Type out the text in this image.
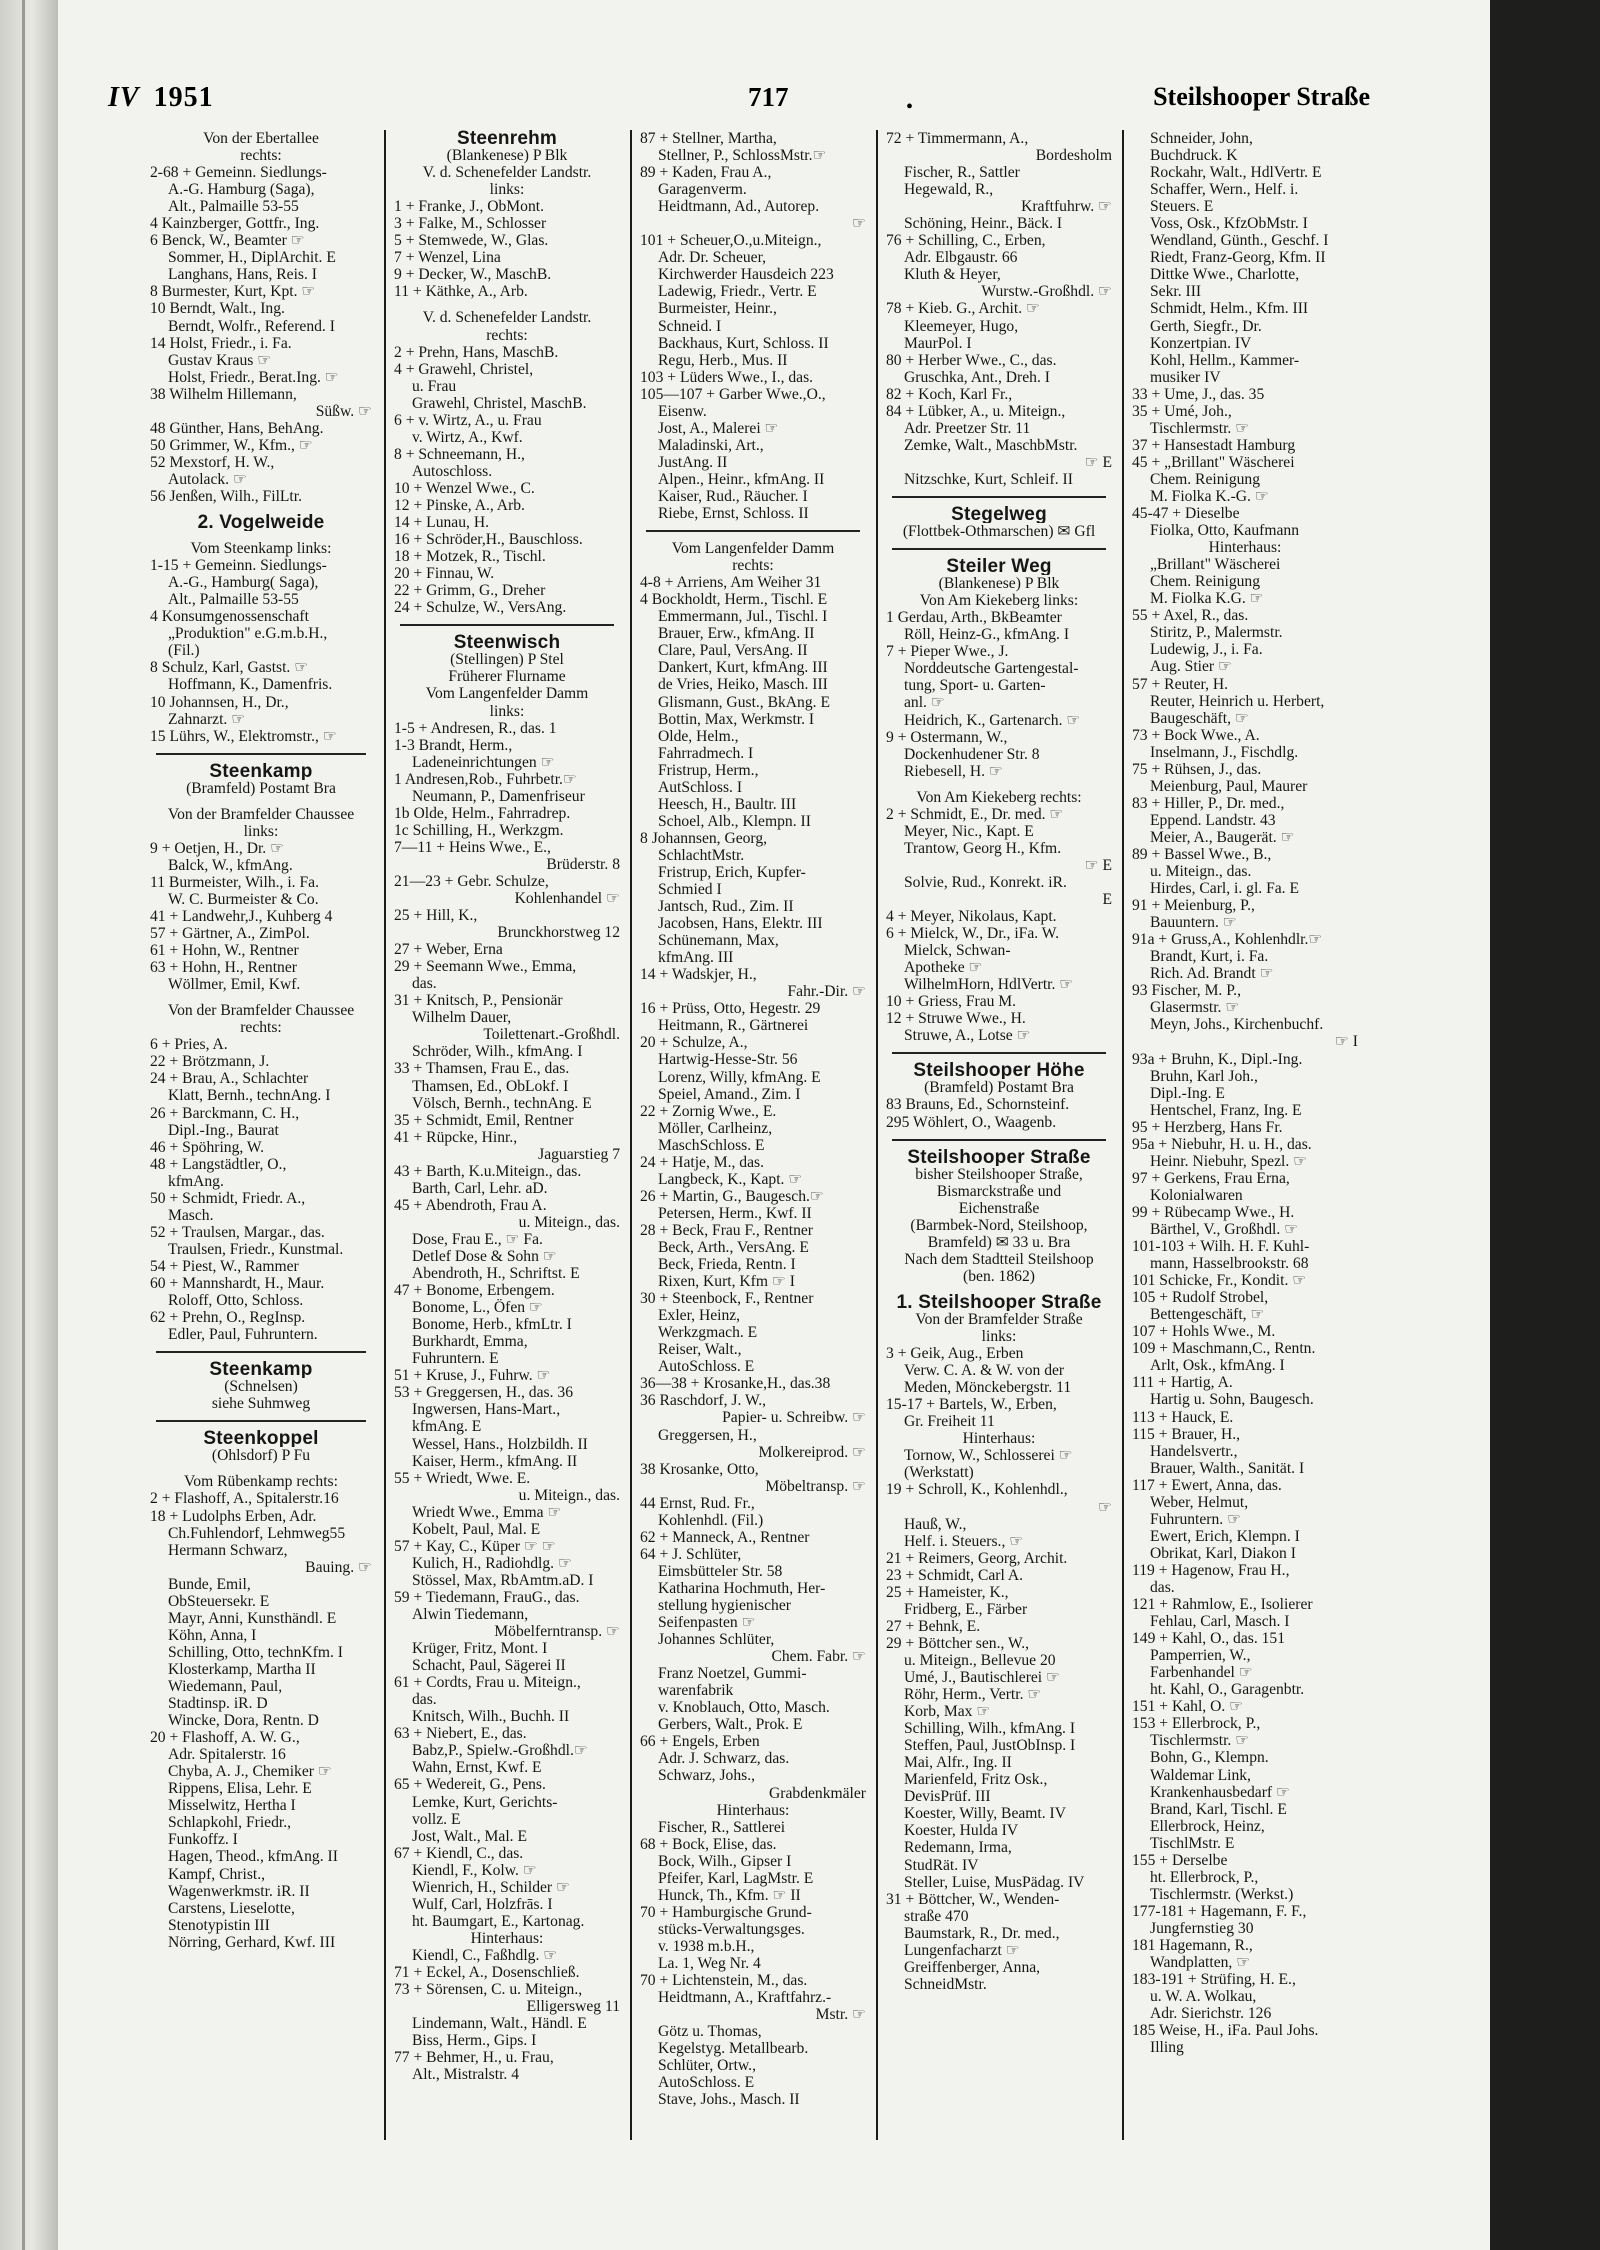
IV 1951	717	•	Steilshooper Straße
Von der Ebertallee
rechts:
2-68 + Gemeinn. Siedlungs-
A.-G. Hamburg (Saga),
Alt., Palmaille 53-55
4 Kainzberger, Gottfr., Ing.
6 Benck, W., Beamter ☞
Sommer, H., DiplArchit. E
Langhans, Hans, Reis. I
8 Burmester, Kurt, Kpt. ☞
10 Berndt, Walt., Ing.
Berndt, Wolfr., Referend. I
14 Holst, Friedr., i. Fa.
Gustav Kraus ☞
Holst, Friedr., Berat.Ing. ☞
38 Wilhelm Hillemann,
Süßw. ☞
48 Günther, Hans, BehAng.
50 Grimmer, W., Kfm., ☞
52 Mexstorf, H. W.,
Autolack. ☞
56 Jenßen, Wilh., FilLtr.
2. Vogelweide
Vom Steenkamp links:
1-15 + Gemeinn. Siedlungs-
A.-G., Hamburg( Saga),
Alt., Palmaille 53-55
4 Konsumgenossenschaft
„Produktion" e.G.m.b.H.,
(Fil.)
8 Schulz, Karl, Gastst. ☞
Hoffmann, K., Damenfris.
10 Johannsen, H., Dr.,
Zahnarzt. ☞
15 Lührs, W., Elektromstr., ☞
Steenkamp
(Bramfeld) Postamt Bra
Von der Bramfelder Chaussee
links:
9 + Oetjen, H., Dr. ☞
Balck, W., kfmAng.
11 Burmeister, Wilh., i. Fa.
W. C. Burmeister & Co.
41 + Landwehr,J., Kuhberg 4
57 + Gärtner, A., ZimPol.
61 + Hohn, W., Rentner
63 + Hohn, H., Rentner
Wöllmer, Emil, Kwf.
Von der Bramfelder Chaussee
rechts:
6 + Pries, A.
22 + Brötzmann, J.
24 + Brau, A., Schlachter
Klatt, Bernh., technAng. I
26 + Barckmann, C. H.,
Dipl.-Ing., Baurat
46 + Spöhring, W.
48 + Langstädtler, O.,
kfmAng.
50 + Schmidt, Friedr. A.,
Masch.
52 + Traulsen, Margar., das.
Traulsen, Friedr., Kunstmal.
54 + Piest, W., Rammer
60 + Mannshardt, H., Maur.
Roloff, Otto, Schloss.
62 + Prehn, O., RegInsp.
Edler, Paul, Fuhruntern.
Steenkamp
(Schnelsen)
siehe Suhmweg
Steenkoppel
(Ohlsdorf) P Fu
Vom Rübenkamp rechts:
2 + Flashoff, A., Spitalerstr.16
18 + Ludolphs Erben, Adr.
Ch.Fuhlendorf, Lehmweg55
Hermann Schwarz,
Bauing. ☞
Bunde, Emil,
ObSteuersekr. E
Mayr, Anni, Kunsthändl. E
Köhn, Anna, I
Schilling, Otto, technKfm. I
Klosterkamp, Martha II
Wiedemann, Paul,
Stadtinsp. iR. D
Wincke, Dora, Rentn. D
20 + Flashoff, A. W. G.,
Adr. Spitalerstr. 16
Chyba, A. J., Chemiker ☞
Rippens, Elisa, Lehr. E
Misselwitz, Hertha I
Schlapkohl, Friedr.,
Funkoffz. I
Hagen, Theod., kfmAng. II
Kampf, Christ.,
Wagenwerkmstr. iR. II
Carstens, Lieselotte,
Stenotypistin III
Nörring, Gerhard, Kwf. III
Steenrehm
(Blankenese) P Blk
V. d. Schenefelder Landstr.
links:
1 + Franke, J., ObMont.
3 + Falke, M., Schlosser
5 + Stemwede, W., Glas.
7 + Wenzel, Lina
9 + Decker, W., MaschB.
11 + Käthke, A., Arb.
V. d. Schenefelder Landstr.
rechts:
2 + Prehn, Hans, MaschB.
4 + Grawehl, Christel,
u. Frau
Grawehl, Christel, MaschB.
6 + v. Wirtz, A., u. Frau
v. Wirtz, A., Kwf.
8 + Schneemann, H.,
Autoschloss.
10 + Wenzel Wwe., C.
12 + Pinske, A., Arb.
14 + Lunau, H.
16 + Schröder,H., Bauschloss.
18 + Motzek, R., Tischl.
20 + Finnau, W.
22 + Grimm, G., Dreher
24 + Schulze, W., VersAng.
Steenwisch
(Stellingen) P Stel
Früherer Flurname
Vom Langenfelder Damm
links:
1-5 + Andresen, R., das. 1
1-3 Brandt, Herm.,
Ladeneinrichtungen ☞
1 Andresen,Rob., Fuhrbetr.☞
Neumann, P., Damenfriseur
1b Olde, Helm., Fahrradrep.
1c Schilling, H., Werkzgm.
7—11 + Heins Wwe., E.,
Brüderstr. 8
21—23 + Gebr. Schulze,
Kohlenhandel ☞
25 + Hill, K.,
Brunckhorstweg 12
27 + Weber, Erna
29 + Seemann Wwe., Emma,
das.
31 + Knitsch, P., Pensionär
Wilhelm Dauer,
Toilettenart.-Großhdl.
Schröder, Wilh., kfmAng. I
33 + Thamsen, Frau E., das.
Thamsen, Ed., ObLokf. I
Völsch, Bernh., technAng. E
35 + Schmidt, Emil, Rentner
41 + Rüpcke, Hinr.,
Jaguarstieg 7
43 + Barth, K.u.Miteign., das.
Barth, Carl, Lehr. aD.
45 + Abendroth, Frau A.
u. Miteign., das.
Dose, Frau E., ☞ Fa.
Detlef Dose & Sohn ☞
Abendroth, H., Schriftst. E
47 + Bonome, Erbengem.
Bonome, L., Öfen ☞
Bonome, Herb., kfmLtr. I
Burkhardt, Emma,
Fuhruntern. E
51 + Kruse, J., Fuhrw. ☞
53 + Greggersen, H., das. 36
Ingwersen, Hans-Mart.,
kfmAng. E
Wessel, Hans., Holzbildh. II
Kaiser, Herm., kfmAng. II
55 + Wriedt, Wwe. E.
u. Miteign., das.
Wriedt Wwe., Emma ☞
Kobelt, Paul, Mal. E
57 + Kay, C., Küper ☞ ☞
Kulich, H., Radiohdlg. ☞
Stössel, Max, RbAmtm.aD. I
59 + Tiedemann, FrauG., das.
Alwin Tiedemann,
Möbelferntransp. ☞
Krüger, Fritz, Mont. I
Schacht, Paul, Sägerei II
61 + Cordts, Frau u. Miteign.,
das.
Knitsch, Wilh., Buchh. II
63 + Niebert, E., das.
Babz,P., Spielw.-Großhdl.☞
Wahn, Ernst, Kwf. E
65 + Wedereit, G., Pens.
Lemke, Kurt, Gerichts-
vollz. E
Jost, Walt., Mal. E
67 + Kiendl, C., das.
Kiendl, F., Kolw. ☞
Wienrich, H., Schilder ☞
Wulf, Carl, Holzfrās. I
ht. Baumgart, E., Kartonag.
Hinterhaus:
Kiendl, C., Faßhdlg. ☞
71 + Eckel, A., Dosenschließ.
73 + Sörensen, C. u. Miteign.,
Elligersweg 11
Lindemann, Walt., Händl. E
Biss, Herm., Gips. I
77 + Behmer, H., u. Frau,
Alt., Mistralstr. 4
87 + Stellner, Martha,
Stellner, P., SchlossMstr.☞
89 + Kaden, Frau A.,
Garagenverm.
Heidtmann, Ad., Autorep.
☞
101 + Scheuer,O.,u.Miteign.,
Adr. Dr. Scheuer,
Kirchwerder Hausdeich 223
Ladewig, Friedr., Vertr. E
Burmeister, Heinr.,
Schneid. I
Backhaus, Kurt, Schloss. II
Regu, Herb., Mus. II
103 + Lüders Wwe., I., das.
105—107 + Garber Wwe.,O.,
Eisenw.
Jost, A., Malerei ☞
Maladinski, Art.,
JustAng. II
Alpen., Heinr., kfmAng. II
Kaiser, Rud., Räucher. I
Riebe, Ernst, Schloss. II
Vom Langenfelder Damm
rechts:
4-8 + Arriens, Am Weiher 31
4 Bockholdt, Herm., Tischl. E
Emmermann, Jul., Tischl. I
Brauer, Erw., kfmAng. II
Clare, Paul, VersAng. II
Dankert, Kurt, kfmAng. III
de Vries, Heiko, Masch. III
Glismann, Gust., BkAng. E
Bottin, Max, Werkmstr. I
Olde, Helm.,
Fahrradmech. I
Fristrup, Herm.,
AutSchloss. I
Heesch, H., Baultr. III
Schoel, Alb., Klempn. II
8 Johannsen, Georg,
SchlachtMstr.
Fristrup, Erich, Kupfer-
Schmied I
Jantsch, Rud., Zim. II
Jacobsen, Hans, Elektr. III
Schünemann, Max,
kfmAng. III
14 + Wadskjer, H.,
Fahr.-Dir. ☞
16 + Prüss, Otto, Hegestr. 29
Heitmann, R., Gärtnerei
20 + Schulze, A.,
Hartwig-Hesse-Str. 56
Lorenz, Willy, kfmAng. E
Speiel, Amand., Zim. I
22 + Zornig Wwe., E.
Möller, Carlheinz,
MaschSchloss. E
24 + Hatje, M., das.
Langbeck, K., Kapt. ☞
26 + Martin, G., Baugesch.☞
Petersen, Herm., Kwf. II
28 + Beck, Frau F., Rentner
Beck, Arth., VersAng. E
Beck, Frieda, Rentn. I
Rixen, Kurt, Kfm ☞ I
30 + Steenbock, F., Rentner
Exler, Heinz,
Werkzgmach. E
Reiser, Walt.,
AutoSchloss. E
36—38 + Krosanke,H., das.38
36 Raschdorf, J. W.,
Papier- u. Schreibw. ☞
Greggersen, H.,
Molkereiprod. ☞
38 Krosanke, Otto,
Möbeltransp. ☞
44 Ernst, Rud. Fr.,
Kohlenhdl. (Fil.)
62 + Manneck, A., Rentner
64 + J. Schlüter,
Eimsbütteler Str. 58
Katharina Hochmuth, Her-
stellung hygienischer
Seifenpasten ☞
Johannes Schlüter,
Chem. Fabr. ☞
Franz Noetzel, Gummi-
warenfabrik
v. Knoblauch, Otto, Masch.
Gerbers, Walt., Prok. E
66 + Engels, Erben
Adr. J. Schwarz, das.
Schwarz, Johs.,
Grabdenkmäler
Hinterhaus:
Fischer, R., Sattlerei
68 + Bock, Elise, das.
Bock, Wilh., Gipser I
Pfeifer, Karl, LagMstr. E
Hunck, Th., Kfm. ☞ II
70 + Hamburgische Grund-
stücks-Verwaltungsges.
v. 1938 m.b.H.,
La. 1, Weg Nr. 4
70 + Lichtenstein, M., das.
Heidtmann, A., Kraftfahrz.-
Mstr. ☞
Götz u. Thomas,
Kegelstyg. Metallbearb.
Schlüter, Ortw.,
AutoSchloss. E
Stave, Johs., Masch. II
72 + Timmermann, A.,
Bordesholm
Fischer, R., Sattler
Hegewald, R.,
Kraftfuhrw. ☞
Schöning, Heinr., Bäck. I
76 + Schilling, C., Erben,
Adr. Elbgaustr. 66
Kluth & Heyer,
Wurstw.-Großhdl. ☞
78 + Kieb. G., Archit. ☞
Kleemeyer, Hugo,
MaurPol. I
80 + Herber Wwe., C., das.
Gruschka, Ant., Dreh. I
82 + Koch, Karl Fr.,
84 + Lübker, A., u. Miteign.,
Adr. Preetzer Str. 11
Zemke, Walt., MaschbMstr.
☞ E
Nitzschke, Kurt, Schleif. II
Stegelweg
(Flottbek-Othmarschen) ✉ Gfl
Steiler Weg
(Blankenese) P Blk
Von Am Kiekeberg links:
1 Gerdau, Arth., BkBeamter
Röll, Heinz-G., kfmAng. I
7 + Pieper Wwe., J.
Norddeutsche Gartengestal-
tung, Sport- u. Garten-
anl. ☞
Heidrich, K., Gartenarch. ☞
9 + Ostermann, W.,
Dockenhudener Str. 8
Riebesell, H. ☞
Von Am Kiekeberg rechts:
2 + Schmidt, E., Dr. med. ☞
Meyer, Nic., Kapt. E
Trantow, Georg H., Kfm.
☞ E
Solvie, Rud., Konrekt. iR.
E
4 + Meyer, Nikolaus, Kapt.
6 + Mielck, W., Dr., iFa. W.
Mielck, Schwan-
Apotheke ☞
WilhelmHorn, HdlVertr. ☞
10 + Griess, Frau M.
12 + Struwe Wwe., H.
Struwe, A., Lotse ☞
Steilshooper Höhe
(Bramfeld) Postamt Bra
83 Brauns, Ed., Schornsteinf.
295 Wöhlert, O., Waagenb.
Steilshooper Straße
bisher Steilshooper Straße,
Bismarckstraße und
Eichenstraße
(Barmbek-Nord, Steilshoop,
Bramfeld) ✉ 33 u. Bra
Nach dem Stadtteil Steilshoop
(ben. 1862)
1. Steilshooper Straße
Von der Bramfelder Straße
links:
3 + Geik, Aug., Erben
Verw. C. A. & W. von der
Meden, Mönckebergstr. 11
15-17 + Bartels, W., Erben,
Gr. Freiheit 11
Hinterhaus:
Tornow, W., Schlosserei ☞
(Werkstatt)
19 + Schroll, K., Kohlenhdl.,
☞
Hauß, W.,
Helf. i. Steuers., ☞
21 + Reimers, Georg, Archit.
23 + Schmidt, Carl A.
25 + Hameister, K.,
Fridberg, E., Färber
27 + Behnk, E.
29 + Böttcher sen., W.,
u. Miteign., Bellevue 20
Umé, J., Bautischlerei ☞
Röhr, Herm., Vertr. ☞
Korb, Max ☞
Schilling, Wilh., kfmAng. I
Steffen, Paul, JustObInsp. I
Mai, Alfr., Ing. II
Marienfeld, Fritz Osk.,
DevisPrüf. III
Koester, Willy, Beamt. IV
Koester, Hulda IV
Redemann, Irma,
StudRät. IV
Steller, Luise, MusPädag. IV
31 + Böttcher, W., Wenden-
straße 470
Baumstark, R., Dr. med.,
Lungenfacharzt ☞
Greiffenberger, Anna,
SchneidMstr.
Schneider, John,
Buchdruck. K
Rockahr, Walt., HdlVertr. E
Schaffer, Wern., Helf. i.
Steuers. E
Voss, Osk., KfzObMstr. I
Wendland, Günth., Geschf. I
Riedt, Franz-Georg, Kfm. II
Dittke Wwe., Charlotte,
Sekr. III
Schmidt, Helm., Kfm. III
Gerth, Siegfr., Dr.
Konzertpian. IV
Kohl, Hellm., Kammer-
musiker IV
33 + Ume, J., das. 35
35 + Umé, Joh.,
Tischlermstr. ☞
37 + Hansestadt Hamburg
45 + „Brillant" Wäscherei
Chem. Reinigung
M. Fiolka K.-G. ☞
45-47 + Dieselbe
Fiolka, Otto, Kaufmann
Hinterhaus:
„Brillant" Wäscherei
Chem. Reinigung
M. Fiolka K.G. ☞
55 + Axel, R., das.
Stiritz, P., Malermstr.
Ludewig, J., i. Fa.
Aug. Stier ☞
57 + Reuter, H.
Reuter, Heinrich u. Herbert,
Baugeschäft, ☞
73 + Bock Wwe., A.
Inselmann, J., Fischdlg.
75 + Rühsen, J., das.
Meienburg, Paul, Maurer
83 + Hiller, P., Dr. med.,
Eppend. Landstr. 43
Meier, A., Baugerät. ☞
89 + Bassel Wwe., B.,
u. Miteign., das.
Hirdes, Carl, i. gl. Fa. E
91 + Meienburg, P.,
Bauuntern. ☞
91a + Gruss,A., Kohlenhdlr.☞
Brandt, Kurt, i. Fa.
Rich. Ad. Brandt ☞
93 Fischer, M. P.,
Glasermstr. ☞
Meyn, Johs., Kirchenbuchf.
☞ I
93a + Bruhn, K., Dipl.-Ing.
Bruhn, Karl Joh.,
Dipl.-Ing. E
Hentschel, Franz, Ing. E
95 + Herzberg, Hans Fr.
95a + Niebuhr, H. u. H., das.
Heinr. Niebuhr, Spezl. ☞
97 + Gerkens, Frau Erna,
Kolonialwaren
99 + Rübecamp Wwe., H.
Bärthel, V., Großhdl. ☞
101-103 + Wilh. H. F. Kuhl-
mann, Hasselbrookstr. 68
101 Schicke, Fr., Kondit. ☞
105 + Rudolf Strobel,
Bettengeschäft, ☞
107 + Hohls Wwe., M.
109 + Maschmann,C., Rentn.
Arlt, Osk., kfmAng. I
111 + Hartig, A.
Hartig u. Sohn, Baugesch.
113 + Hauck, E.
115 + Brauer, H.,
Handelsvertr.,
Brauer, Walth., Sanität. I
117 + Ewert, Anna, das.
Weber, Helmut,
Fuhruntern. ☞
Ewert, Erich, Klempn. I
Obrikat, Karl, Diakon I
119 + Hagenow, Frau H.,
das.
121 + Rahmlow, E., Isolierer
Fehlau, Carl, Masch. I
149 + Kahl, O., das. 151
Pamperrien, W.,
Farbenhandel ☞
ht. Kahl, O., Garagenbtr.
151 + Kahl, O. ☞
153 + Ellerbrock, P.,
Tischlermstr. ☞
Bohn, G., Klempn.
Waldemar Link,
Krankenhausbedarf ☞
Brand, Karl, Tischl. E
Ellerbrock, Heinz,
TischlMstr. E
155 + Derselbe
ht. Ellerbrock, P.,
Tischlermstr. (Werkst.)
177-181 + Hagemann, F. F.,
Jungfernstieg 30
181 Hagemann, R.,
Wandplatten, ☞
183-191 + Strüfing, H. E.,
u. W. A. Wolkau,
Adr. Sierichstr. 126
185 Weise, H., iFa. Paul Johs.
Illing
